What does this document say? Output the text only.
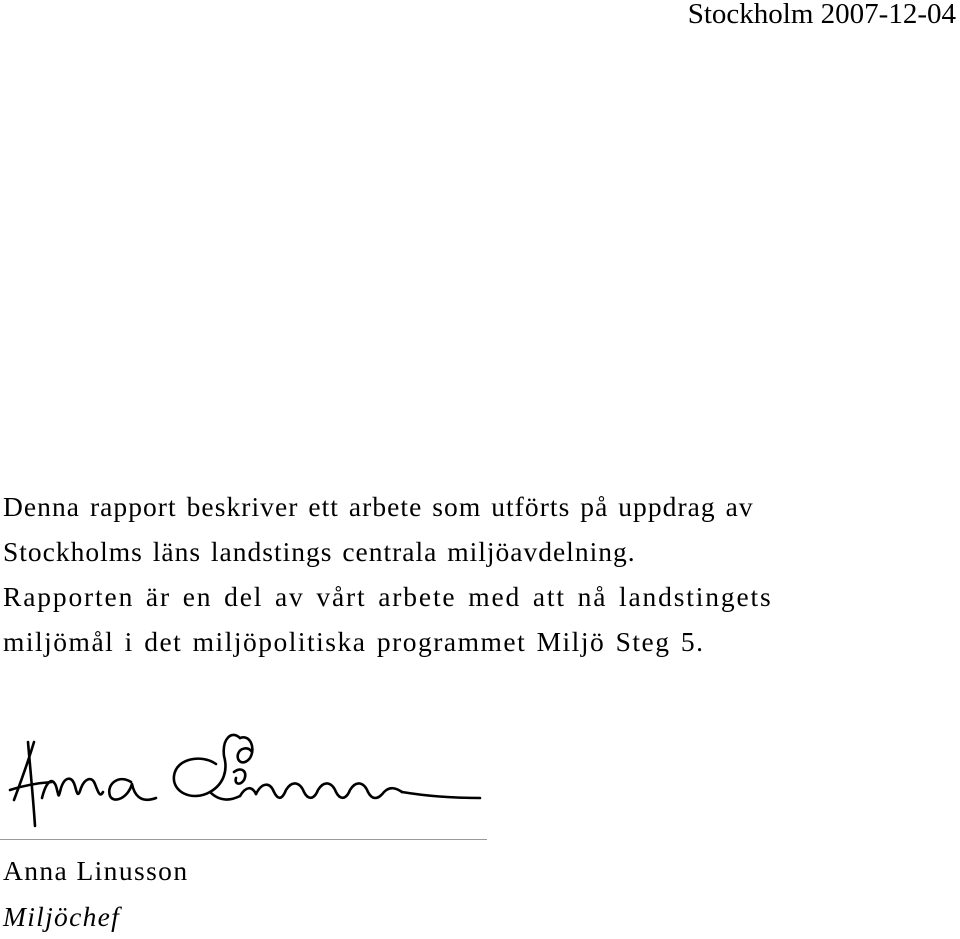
Stockholm 2007-12-04

Denna rapport beskriver ett arbete som utförts på uppdrag av
Stockholms läns landstings centrala miljöavdelning.
Rapporten är en del av vårt arbete med att nå landstingets
miljömål i det miljöpolitiska programmet Miljö Steg 5.

Anna Linusson
Miljöchef
